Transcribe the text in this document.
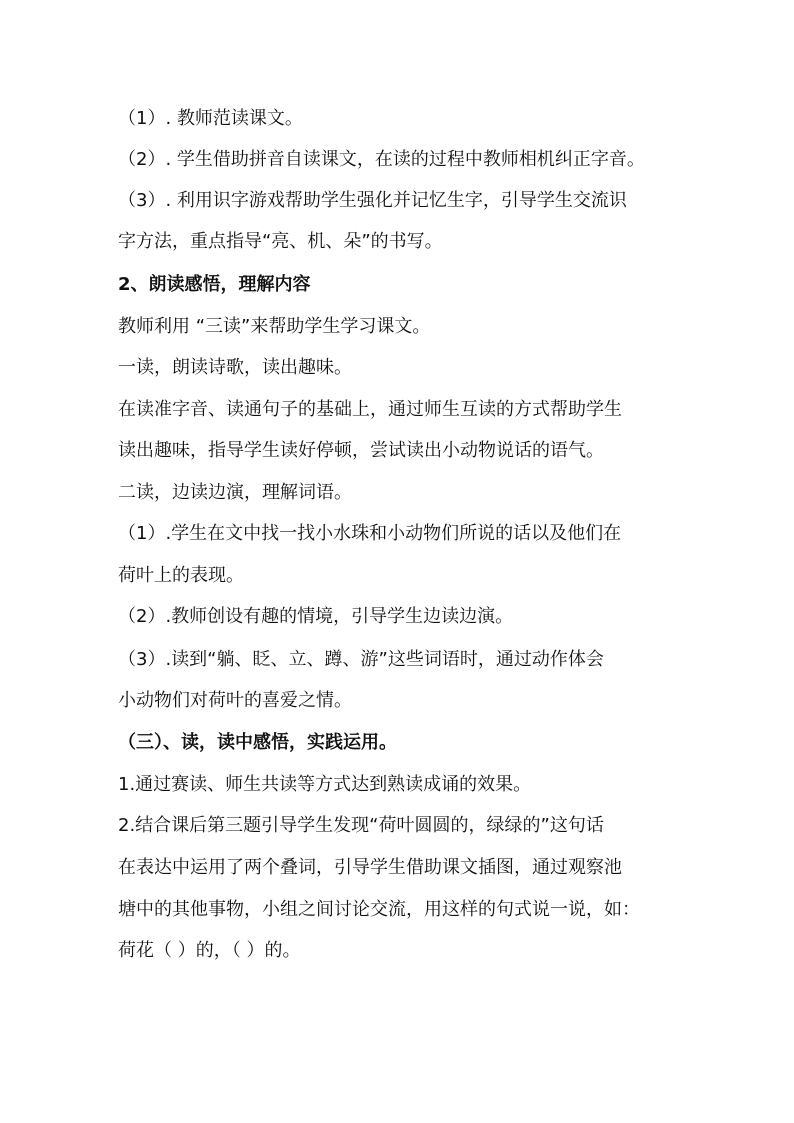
（1）. 教师范读课文。
（2）. 学生借助拼音自读课文，在读的过程中教师相机纠正字音。
（3）. 利用识字游戏帮助学生强化并记忆生字，引导学生交流识
字方法，重点指导“亮、机、朵”的书写。
2、朗读感悟，理解内容
教师利用 “三读”来帮助学生学习课文。
一读，朗读诗歌，读出趣味。
在读准字音、读通句子的基础上，通过师生互读的方式帮助学生
读出趣味，指导学生读好停顿，尝试读出小动物说话的语气。
二读，边读边演，理解词语。
（1）.学生在文中找一找小水珠和小动物们所说的话以及他们在
荷叶上的表现。
（2）.教师创设有趣的情境，引导学生边读边演。
（3）.读到“躺、眨、立、蹲、游”这些词语时，通过动作体会
小动物们对荷叶的喜爱之情。
（三）、读，读中感悟，实践运用。
1.通过赛读、师生共读等方式达到熟读成诵的效果。
2.结合课后第三题引导学生发现“荷叶圆圆的，绿绿的”这句话
在表达中运用了两个叠词，引导学生借助课文插图，通过观察池
塘中的其他事物，小组之间讨论交流，用这样的句式说一说，如：
荷花（ ）的，（ ）的。
